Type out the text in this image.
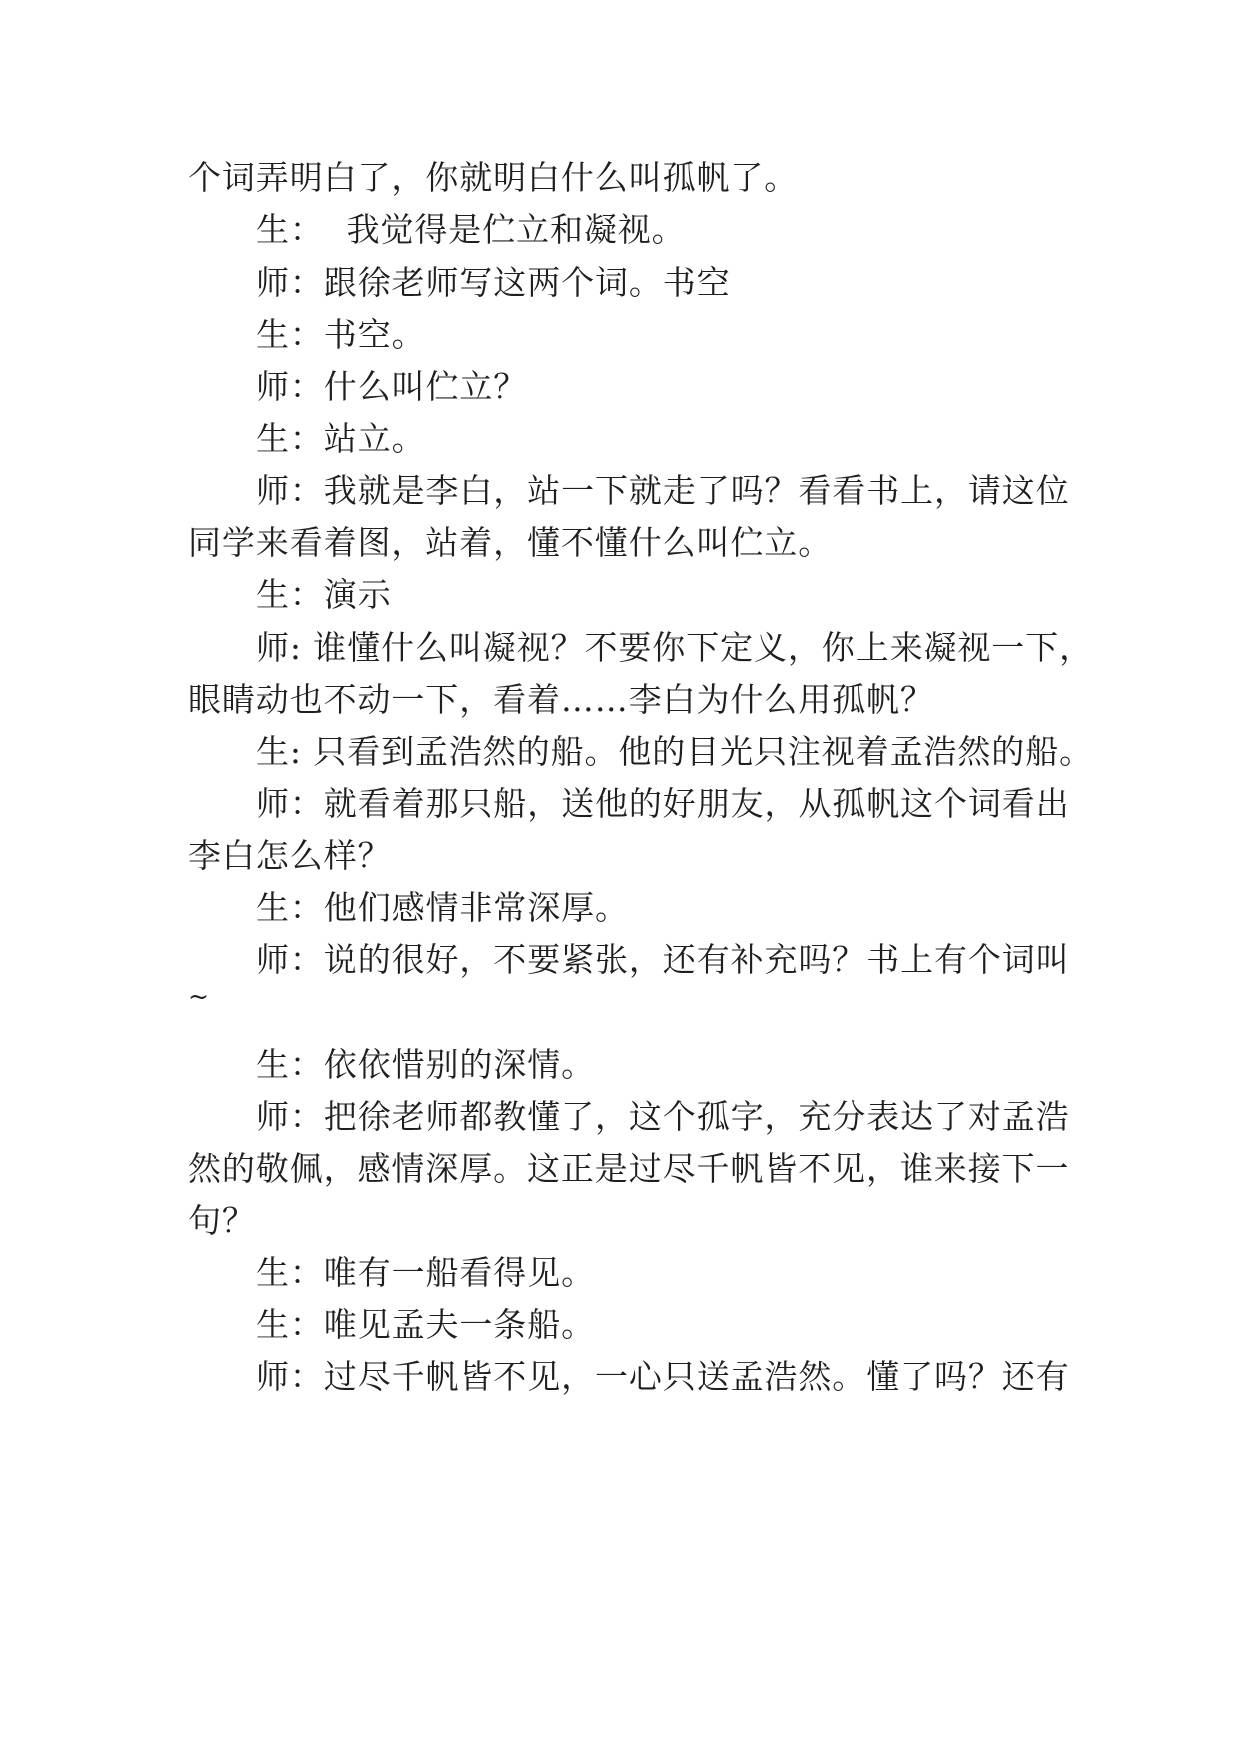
个词弄明白了，你就明白什么叫孤帆了。
生：  我觉得是伫立和凝视。
师：跟徐老师写这两个词。书空
生：书空。
师：什么叫伫立？
生：站立。
师：我就是李白，站一下就走了吗？看看书上，请这位
同学来看着图，站着，懂不懂什么叫伫立。
生：演示
师: 谁懂什么叫凝视？不要你下定义，你上来凝视一下，
眼睛动也不动一下，看着……李白为什么用孤帆？
生: 只看到孟浩然的船。他的目光只注视着孟浩然的船。
师：就看着那只船，送他的好朋友，从孤帆这个词看出
李白怎么样？
生：他们感情非常深厚。
师：说的很好，不要紧张，还有补充吗？书上有个词叫
~
生：依依惜别的深情。
师：把徐老师都教懂了，这个孤字，充分表达了对孟浩
然的敬佩，感情深厚。这正是过尽千帆皆不见，谁来接下一
句？
生：唯有一船看得见。
生：唯见孟夫一条船。
师：过尽千帆皆不见，一心只送孟浩然。懂了吗？还有
